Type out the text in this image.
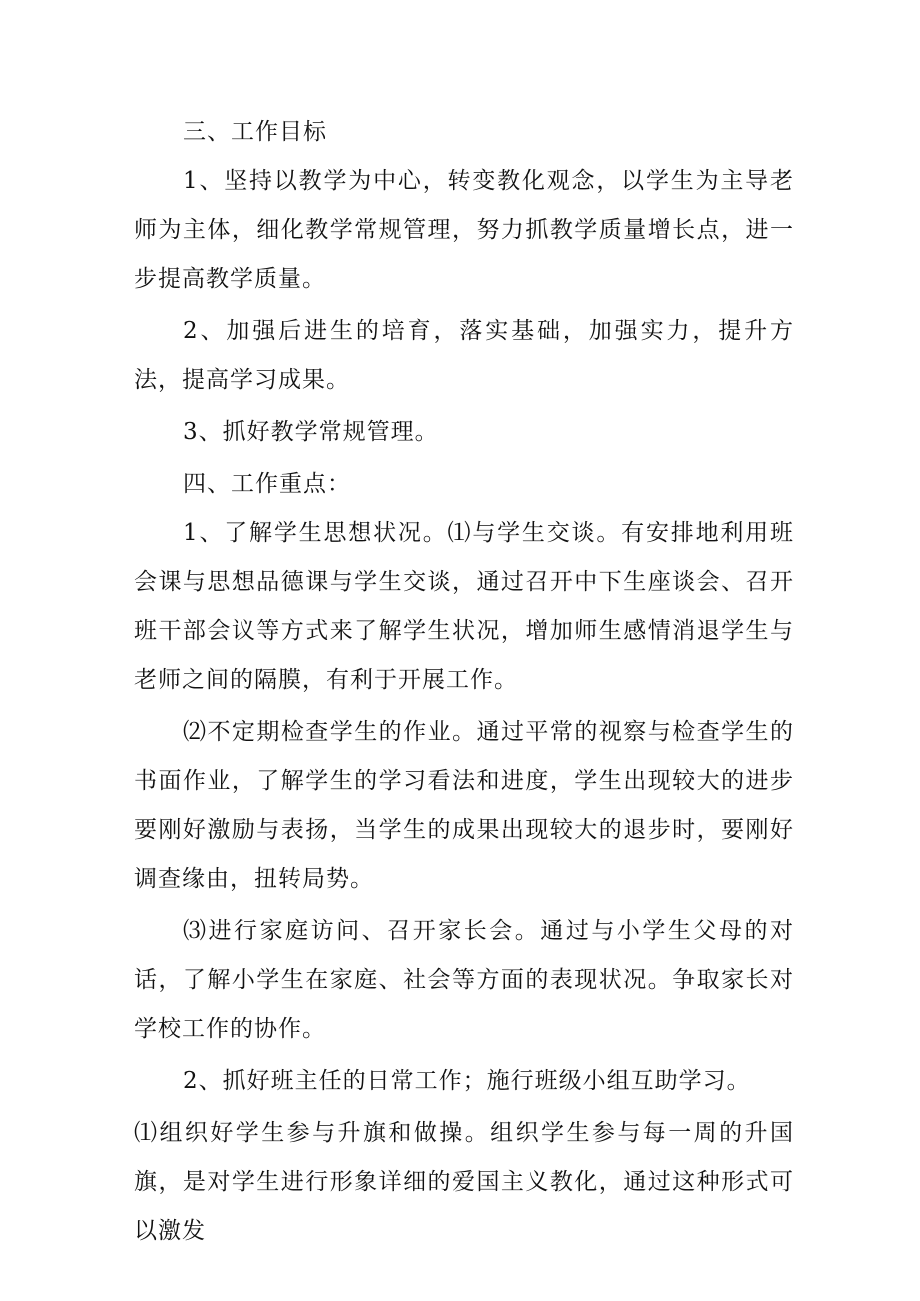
三、工作目标

1、坚持以教学为中心，转变教化观念，以学生为主导老师为主体，细化教学常规管理，努力抓教学质量增长点，进一步提高教学质量。

2、加强后进生的培育，落实基础，加强实力，提升方法，提高学习成果。

3、抓好教学常规管理。

四、工作重点：

1、了解学生思想状况。⑴与学生交谈。有安排地利用班会课与思想品德课与学生交谈，通过召开中下生座谈会、召开班干部会议等方式来了解学生状况，增加师生感情消退学生与老师之间的隔膜，有利于开展工作。

⑵不定期检查学生的作业。通过平常的视察与检查学生的书面作业，了解学生的学习看法和进度，学生出现较大的进步要刚好激励与表扬，当学生的成果出现较大的退步时，要刚好调查缘由，扭转局势。

⑶进行家庭访问、召开家长会。通过与小学生父母的对话，了解小学生在家庭、社会等方面的表现状况。争取家长对学校工作的协作。

2、抓好班主任的日常工作；施行班级小组互助学习。

⑴组织好学生参与升旗和做操。组织学生参与每一周的升国旗，是对学生进行形象详细的爱国主义教化，通过这种形式可以激发
